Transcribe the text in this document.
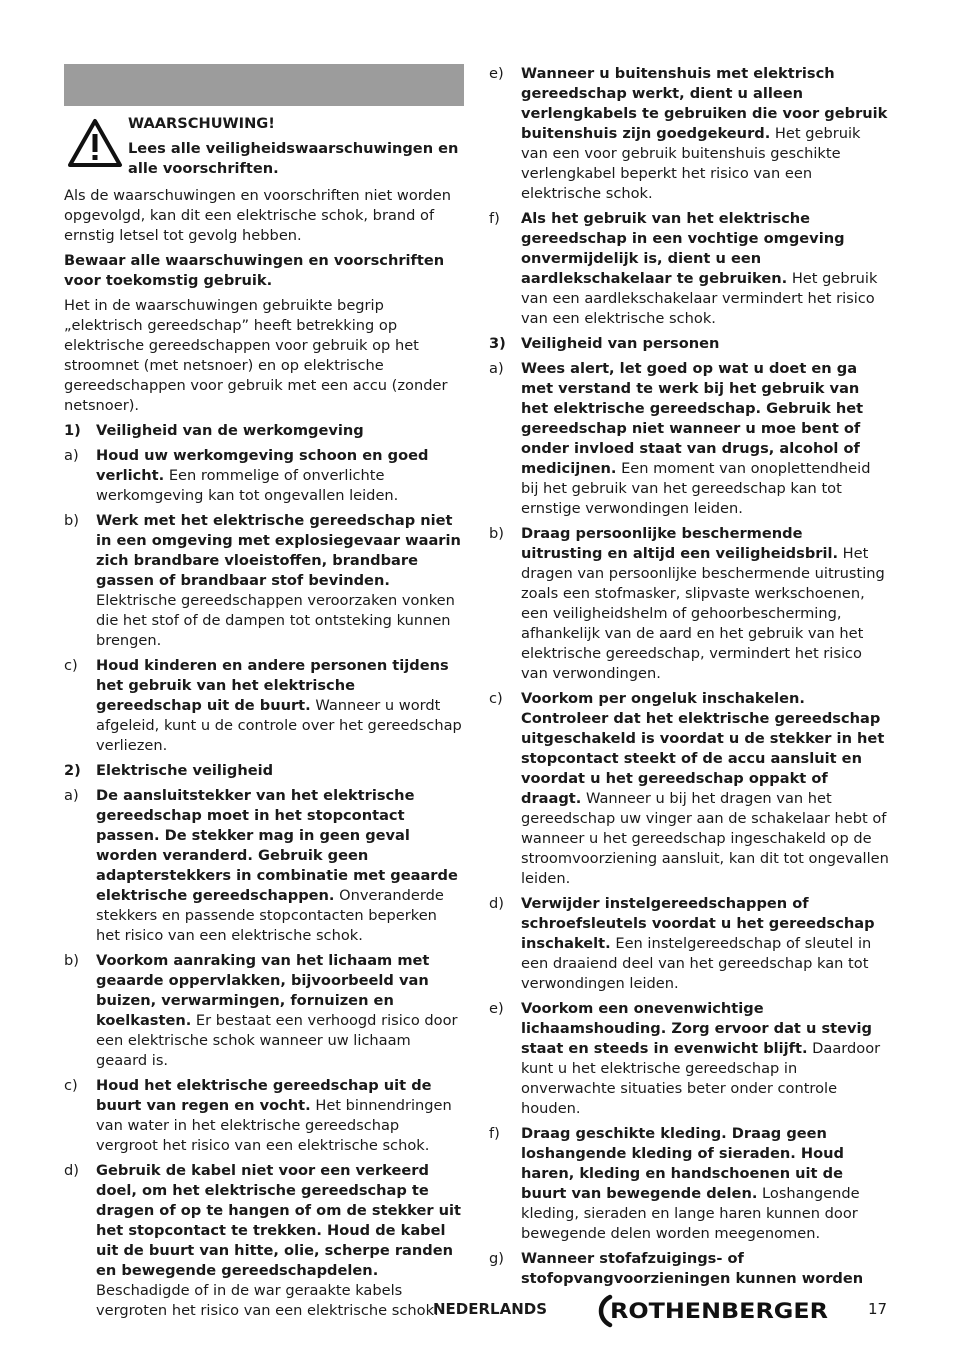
WAARSCHUWING!

Lees alle veiligheidswaarschuwingen en alle voorschriften.

Als de waarschuwingen en voorschriften niet worden opgevolgd, kan dit een elektrische schok, brand of ernstig letsel tot gevolg hebben.

Bewaar alle waarschuwingen en voorschriften voor toekomstig gebruik.

Het in de waarschuwingen gebruikte begrip „elektrisch gereedschap” heeft betrekking op elektrische gereedschappen voor gebruik op het stroomnet (met netsnoer) en op elektrische gereedschappen voor gebruik met een accu (zonder netsnoer).

1) Veiligheid van de werkomgeving
a) Houd uw werkomgeving schoon en goed verlicht. Een rommelige of onverlichte werkomgeving kan tot ongevallen leiden.
b) Werk met het elektrische gereedschap niet in een omgeving met explosiegevaar waarin zich brandbare vloeistoffen, brandbare gassen of brandbaar stof bevinden. Elektrische gereedschappen veroorzaken vonken die het stof of de dampen tot ontsteking kunnen brengen.
c) Houd kinderen en andere personen tijdens het gebruik van het elektrische gereedschap uit de buurt. Wanneer u wordt afgeleid, kunt u de controle over het gereedschap verliezen.
2) Elektrische veiligheid
a) De aansluitstekker van het elektrische gereedschap moet in het stopcontact passen. De stekker mag in geen geval worden veranderd. Gebruik geen adapterstekkers in combinatie met geaarde elektrische gereedschappen. Onveranderde stekkers en passende stopcontacten beperken het risico van een elektrische schok.
b) Voorkom aanraking van het lichaam met geaarde oppervlakken, bijvoorbeeld van buizen, verwarmingen, fornuizen en koelkasten. Er bestaat een verhoogd risico door een elektrische schok wanneer uw lichaam geaard is.
c) Houd het elektrische gereedschap uit de buurt van regen en vocht. Het binnendringen van water in het elektrische gereedschap vergroot het risico van een elektrische schok.
d) Gebruik de kabel niet voor een verkeerd doel, om het elektrische gereedschap te dragen of op te hangen of om de stekker uit het stopcontact te trekken. Houd de kabel uit de buurt van hitte, olie, scherpe randen en bewegende gereedschapdelen. Beschadigde of in de war geraakte kabels vergroten het risico van een elektrische schok.
e) Wanneer u buitenshuis met elektrisch gereedschap werkt, dient u alleen verlengkabels te gebruiken die voor gebruik buitenshuis zijn goedgekeurd. Het gebruik van een voor gebruik buitenshuis geschikte verlengkabel beperkt het risico van een elektrische schok.
f) Als het gebruik van het elektrische gereedschap in een vochtige omgeving onvermijdelijk is, dient u een aardlekschakelaar te gebruiken. Het gebruik van een aardlekschakelaar vermindert het risico van een elektrische schok.
3) Veiligheid van personen
a) Wees alert, let goed op wat u doet en ga met verstand te werk bij het gebruik van het elektrische gereedschap. Gebruik het gereedschap niet wanneer u moe bent of onder invloed staat van drugs, alcohol of medicijnen. Een moment van onoplettendheid bij het gebruik van het gereedschap kan tot ernstige verwondingen leiden.
b) Draag persoonlijke beschermende uitrusting en altijd een veiligheidsbril. Het dragen van persoonlijke beschermende uitrusting zoals een stofmasker, slipvaste werkschoenen, een veiligheidshelm of gehoorbescherming, afhankelijk van de aard en het gebruik van het elektrische gereedschap, vermindert het risico van verwondingen.
c) Voorkom per ongeluk inschakelen. Controleer dat het elektrische gereedschap uitgeschakeld is voordat u de stekker in het stopcontact steekt of de accu aansluit en voordat u het gereedschap oppakt of draagt. Wanneer u bij het dragen van het gereedschap uw vinger aan de schakelaar hebt of wanneer u het gereedschap ingeschakeld op de stroomvoorziening aansluit, kan dit tot ongevallen leiden.
d) Verwijder instelgereedschappen of schroefsleutels voordat u het gereedschap inschakelt. Een instelgereedschap of sleutel in een draaiend deel van het gereedschap kan tot verwondingen leiden.
e) Voorkom een onevenwichtige lichaamshouding. Zorg ervoor dat u stevig staat en steeds in evenwicht blijft. Daardoor kunt u het elektrische gereedschap in onverwachte situaties beter onder controle houden.
f) Draag geschikte kleding. Draag geen loshangende kleding of sieraden. Houd haren, kleding en handschoenen uit de buurt van bewegende delen. Loshangende kleding, sieraden en lange haren kunnen door bewegende delen worden meegenomen.
g) Wanneer stofafzuigings- of stofopvangvoorzieningen kunnen worden
NEDERLANDS	ROTHENBERGER	17
